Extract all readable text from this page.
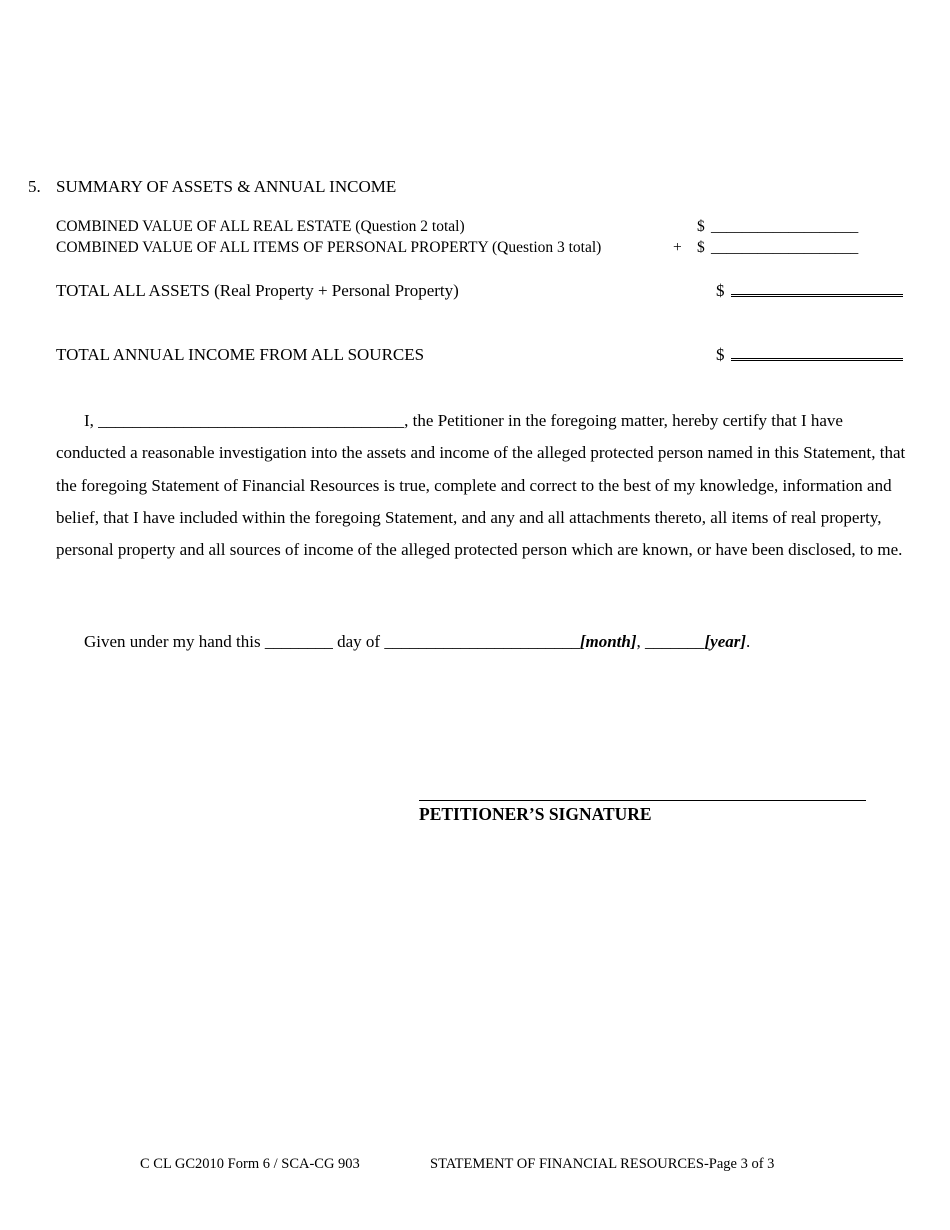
5. SUMMARY OF ASSETS & ANNUAL INCOME
COMBINED VALUE OF ALL REAL ESTATE (Question 2 total)	$ ___________________
COMBINED VALUE OF ALL ITEMS OF PERSONAL PROPERTY (Question 3 total)	+ $ ___________________
TOTAL ALL ASSETS (Real Property + Personal Property)	$
TOTAL ANNUAL INCOME FROM ALL SOURCES	$
I, ____________________________________, the Petitioner in the foregoing matter, hereby certify that I have conducted a reasonable investigation into the assets and income of the alleged protected person named in this Statement, that the foregoing Statement of Financial Resources is true, complete and correct to the best of my knowledge, information and belief, that I have included within the foregoing Statement, and any and all attachments thereto, all items of real property, personal property and all sources of income of the alleged protected person which are known, or have been disclosed, to me.
Given under my hand this ________ day of _______________________[month], _______[year].
PETITIONER’S SIGNATURE
C CL GC2010 Form 6 / SCA-CG 903	STATEMENT OF FINANCIAL RESOURCES-Page 3 of 3
